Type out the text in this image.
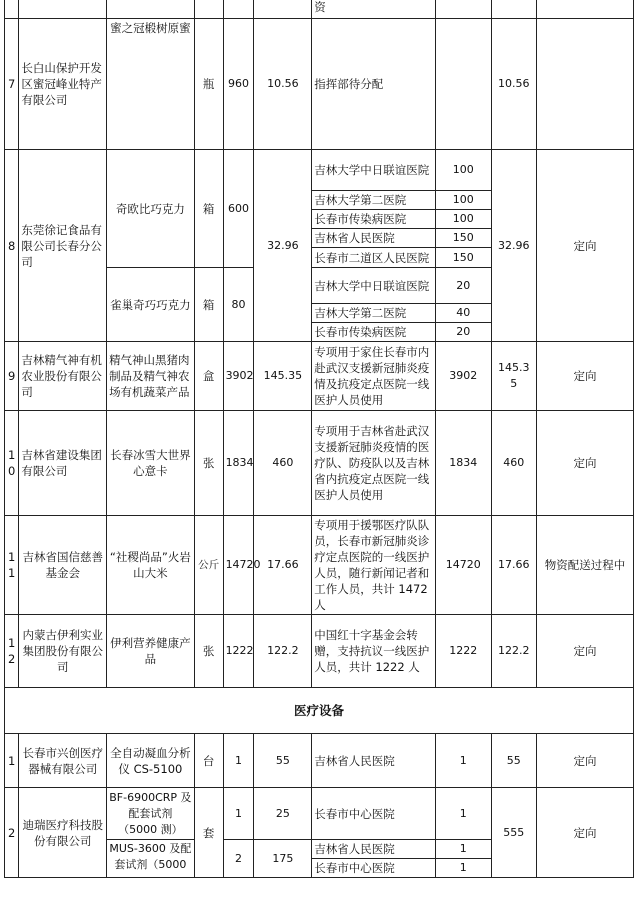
						资			
7	长白山保护开发区蜜冠峰业特产有限公司	蜜之冠椴树原蜜	瓶	960	10.56	指挥部待分配		10.56	
8	东莞徐记食品有限公司长春分公司	奇欧比巧克力	箱	600	32.96	吉林大学中日联谊医院	100	32.96	定向
						吉林大学第二医院	100		
						长春市传染病医院	100		
						吉林省人民医院	150		
						长春市二道区人民医院	150		
		雀巢奇巧巧克力	箱	80		吉林大学中日联谊医院	20		
						吉林大学第二医院	40		
						长春市传染病医院	20		
9	吉林精气神有机农业股份有限公司	精气神山黑猪肉制品及精气神农场有机蔬菜产品	盒	3902	145.35	专项用于家住长春市内赴武汉支援新冠肺炎疫情及抗疫定点医院一线医护人员使用	3902	145.3 5	定向
1 0	吉林省建设集团有限公司	长春冰雪大世界心意卡	张	1834	460	专项用于吉林省赴武汉支援新冠肺炎疫情的医疗队、防疫队以及吉林省内抗疫定点医院一线医护人员使用	1834	460	定向
1 1	吉林省国信慈善基金会	“社稷尚品”火岩山大米	公斤	14720	17.66	专项用于援鄂医疗队队员，长春市新冠肺炎诊疗定点医院的一线医护人员，随行新闻记者和工作人员，共计 1472 人	14720	17.66	物资配送过程中
1 2	内蒙古伊利实业集团股份有限公司	伊利营养健康产品	张	1222	122.2	中国红十字基金会转赠，支持抗议一线医护人员，共计 1222 人	1222	122.2	定向
医疗设备									
1	长春市兴创医疗器械有限公司	全自动凝血分析仪 CS-5100	台	1	55	吉林省人民医院	1	55	定向
2	迪瑞医疗科技股份有限公司	BF-6900CRP 及配套试剂（5000 测）	套	1	25	长春市中心医院	1	555	定向
		MUS-3600 及配套试剂（5000		2	175	吉林省人民医院	1		
						长春市中心医院	1		
